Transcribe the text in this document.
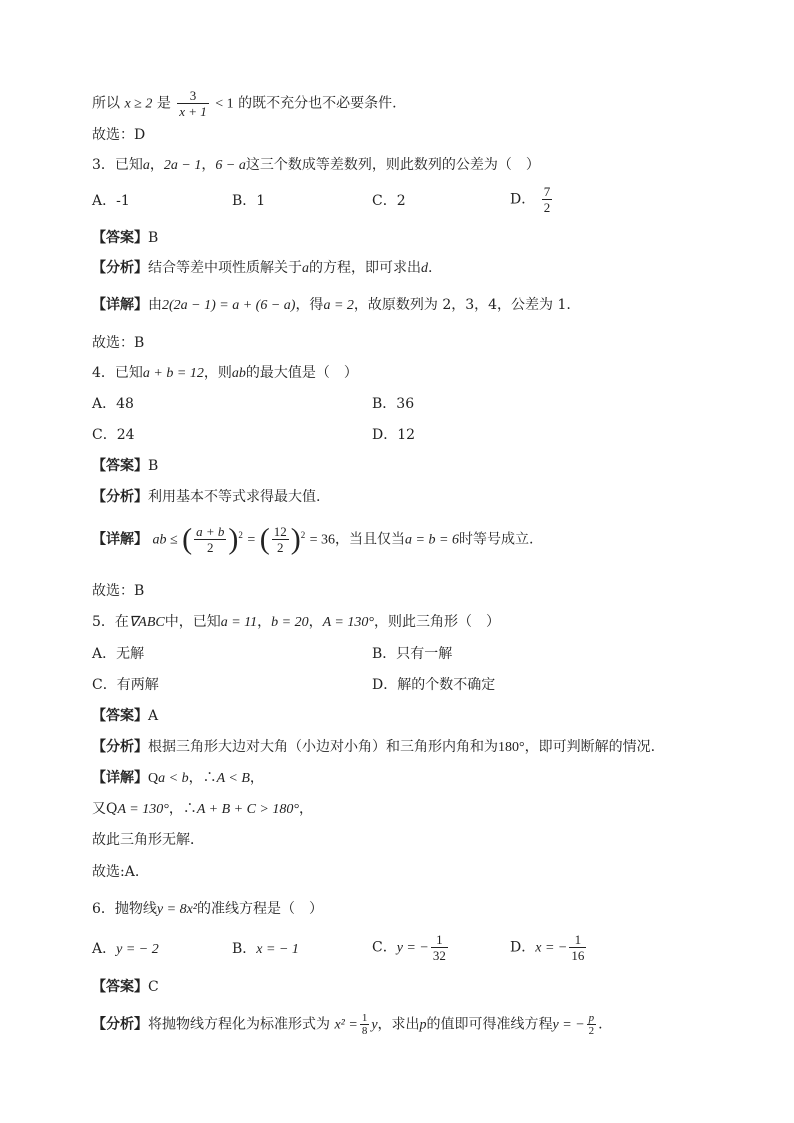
所以 x ≥ 2 是 $\frac{3}{x + 1} < 1$ 的既不充分也不必要条件.
故选：D
3．已知a，2a − 1，6 − a这三个数成等差数列，则此数列的公差为（　）
A．-1	B．1	C．2	D． $\frac{7}{2}$
【答案】B
【分析】结合等差中项性质解关于a的方程，即可求出d.
【详解】由2(2a − 1) = a + (6 − a)，得a = 2，故原数列为 2，3，4，公差为 1.
故选：B
4．已知a + b = 12，则ab的最大值是（　）
A．48	B．36
C．24	D．12
【答案】B
【分析】利用基本不等式求得最大值.
【详解】 ab ≤ ( $\frac{a + b}{2} )^2$ = ( $\frac{12}{2} )^2 = 36$，当且仅当a = b = 6时等号成立.
故选：B
5．在∇ABC中，已知a = 11，b = 20，A = 130°，则此三角形（　）
A．无解	B．只有一解
C．有两解	D．解的个数不确定
【答案】A
【分析】根据三角形大边对大角（小边对小角）和三角形内角和为180°，即可判断解的情况.
【详解】Qa < b，∴A < B，
又QA = 130°，∴A + B + C > 180°，
故此三角形无解．
故选:A.
6．抛物线y = 8x²的准线方程是（　）
A．y = − 2	B．x = − 1	C．y = − $\frac{1}{32}$	D．x = − $\frac{1}{16}$
【答案】C
【分析】将抛物线方程化为标准形式为 $x^2 = \frac{1}{8}$ y，求出p的值即可得准线方程y = − $\frac{p}{2}$ .
